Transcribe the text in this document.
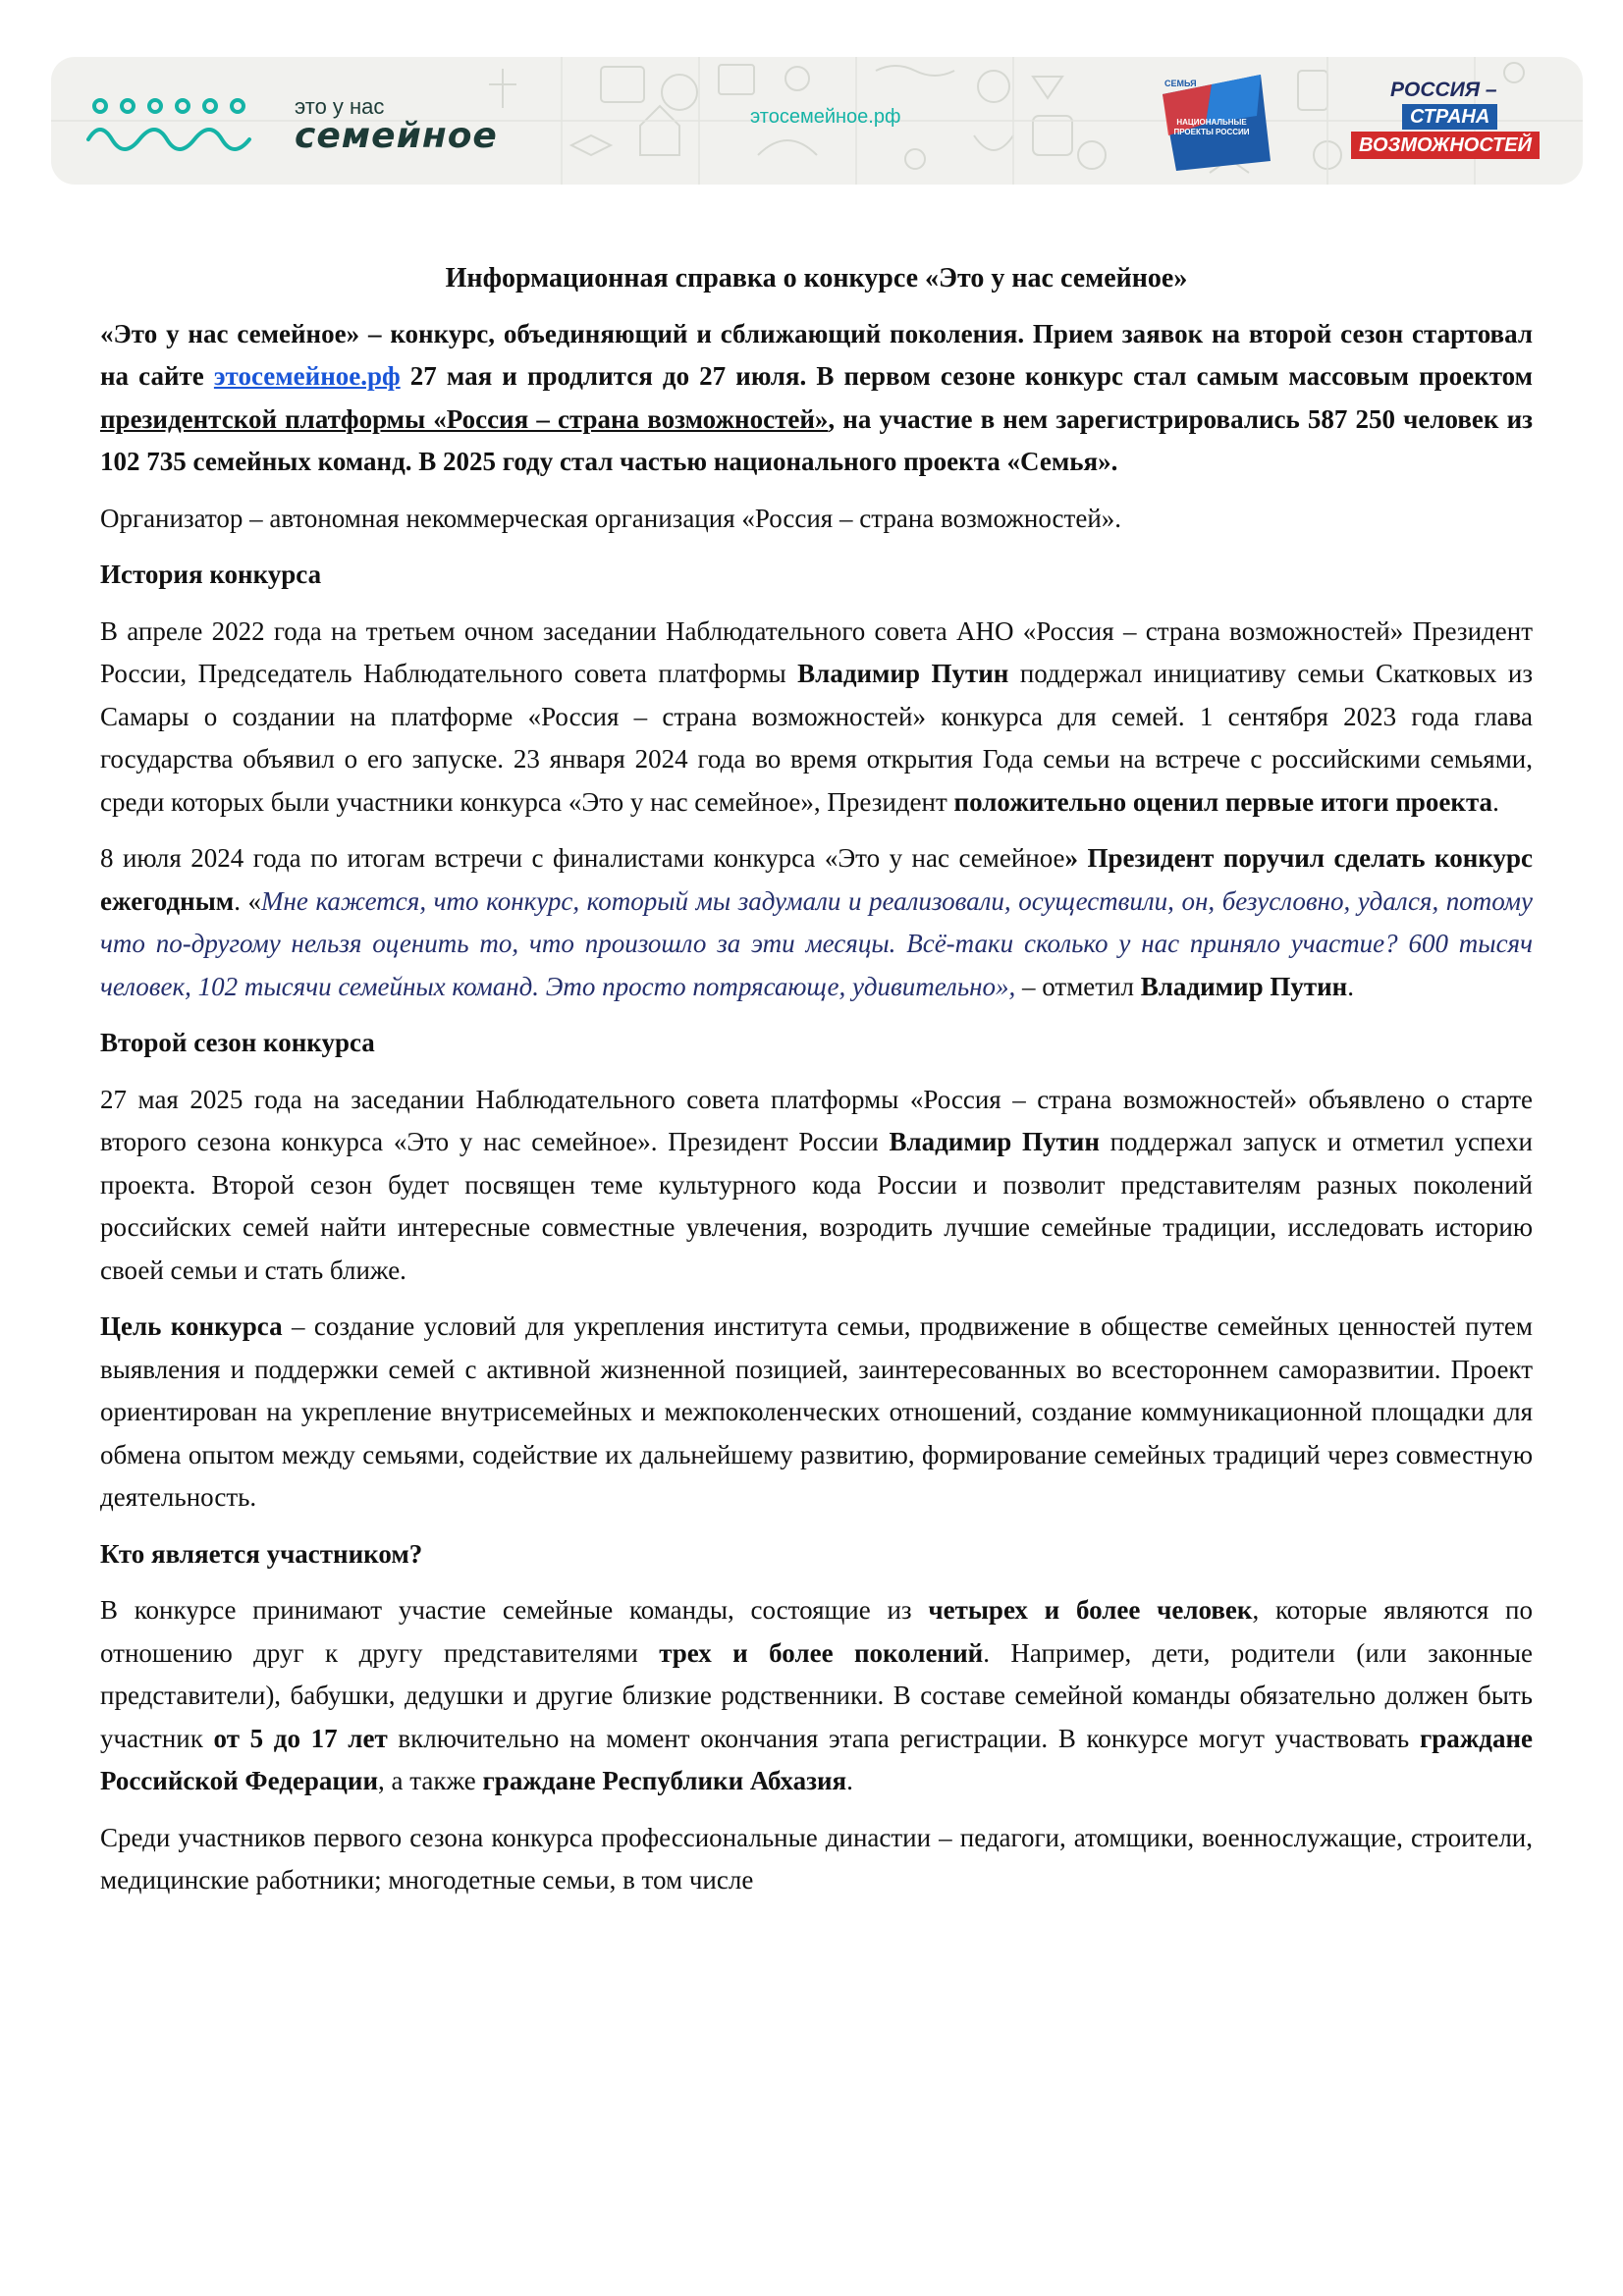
это у нас
семейное	этосемейное.рф
СЕМЬЯ
НАЦИОНАЛЬНЫЕ ПРОЕКТЫ РОССИИ
РОССИЯ –
СТРАНА
ВОЗМОЖНОСТЕЙ
Информационная справка о конкурсе «Это у нас семейное»

«Это у нас семейное» – конкурс, объединяющий и сближающий поколения. Прием заявок на второй сезон стартовал на сайте этосемейное.рф 27 мая и продлится до 27 июля. В первом сезоне конкурс стал самым массовым проектом президентской платформы «Россия – страна возможностей», на участие в нем зарегистрировались 587 250 человек из 102 735 семейных команд. В 2025 году стал частью национального проекта «Семья».

Организатор – автономная некоммерческая организация «Россия – страна возможностей».

История конкурса

В апреле 2022 года на третьем очном заседании Наблюдательного совета АНО «Россия – страна возможностей» Президент России, Председатель Наблюдательного совета платформы Владимир Путин поддержал инициативу семьи Скатковых из Самары о создании на платформе «Россия – страна возможностей» конкурса для семей. 1 сентября 2023 года глава государства объявил о его запуске. 23 января 2024 года во время открытия Года семьи на встрече с российскими семьями, среди которых были участники конкурса «Это у нас семейное», Президент положительно оценил первые итоги проекта.

8 июля 2024 года по итогам встречи с финалистами конкурса «Это у нас семейное» Президент поручил сделать конкурс ежегодным. «Мне кажется, что конкурс, который мы задумали и реализовали, осуществили, он, безусловно, удался, потому что по-другому нельзя оценить то, что произошло за эти месяцы. Всё-таки сколько у нас приняло участие? 600 тысяч человек, 102 тысячи семейных команд. Это просто потрясающе, удивительно», – отметил Владимир Путин.

Второй сезон конкурса

27 мая 2025 года на заседании Наблюдательного совета платформы «Россия – страна возможностей» объявлено о старте второго сезона конкурса «Это у нас семейное». Президент России Владимир Путин поддержал запуск и отметил успехи проекта. Второй сезон будет посвящен теме культурного кода России и позволит представителям разных поколений российских семей найти интересные совместные увлечения, возродить лучшие семейные традиции, исследовать историю своей семьи и стать ближе.

Цель конкурса – создание условий для укрепления института семьи, продвижение в обществе семейных ценностей путем выявления и поддержки семей с активной жизненной позицией, заинтересованных во всестороннем саморазвитии. Проект ориентирован на укрепление внутрисемейных и межпоколенческих отношений, создание коммуникационной площадки для обмена опытом между семьями, содействие их дальнейшему развитию, формирование семейных традиций через совместную деятельность.

Кто является участником?

В конкурсе принимают участие семейные команды, состоящие из четырех и более человек, которые являются по отношению друг к другу представителями трех и более поколений. Например, дети, родители (или законные представители), бабушки, дедушки и другие близкие родственники. В составе семейной команды обязательно должен быть участник от 5 до 17 лет включительно на момент окончания этапа регистрации. В конкурсе могут участвовать граждане Российской Федерации, а также граждане Республики Абхазия.

Среди участников первого сезона конкурса профессиональные династии – педагоги, атомщики, военнослужащие, строители, медицинские работники; многодетные семьи, в том числе
